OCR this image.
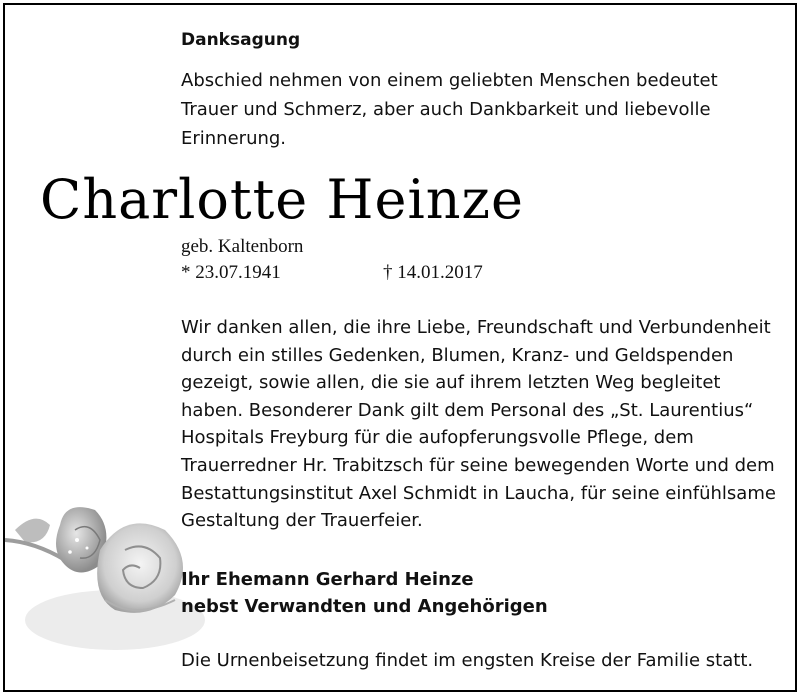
Danksagung
Abschied nehmen von einem geliebten Menschen bedeutet Trauer und Schmerz, aber auch Dankbarkeit und liebevolle Erinnerung.
Charlotte Heinze
geb. Kaltenborn
* 23.07.1941	† 14.01.2017
Wir danken allen, die ihre Liebe, Freundschaft und Verbundenheit durch ein stilles Gedenken, Blumen, Kranz- und Geldspenden gezeigt, sowie allen, die sie auf ihrem letzten Weg begleitet haben. Besonderer Dank gilt dem Personal des „St. Laurentius“ Hospitals Freyburg für die aufopferungsvolle Pflege, dem Trauerredner Hr. Trabitzsch für seine bewegenden Worte und dem Bestattungsinstitut Axel Schmidt in Laucha, für seine einfühlsame Gestaltung der Trauerfeier.
Ihr Ehemann Gerhard Heinze
nebst Verwandten und Angehörigen
Die Urnenbeisetzung findet im engsten Kreise der Familie statt.
